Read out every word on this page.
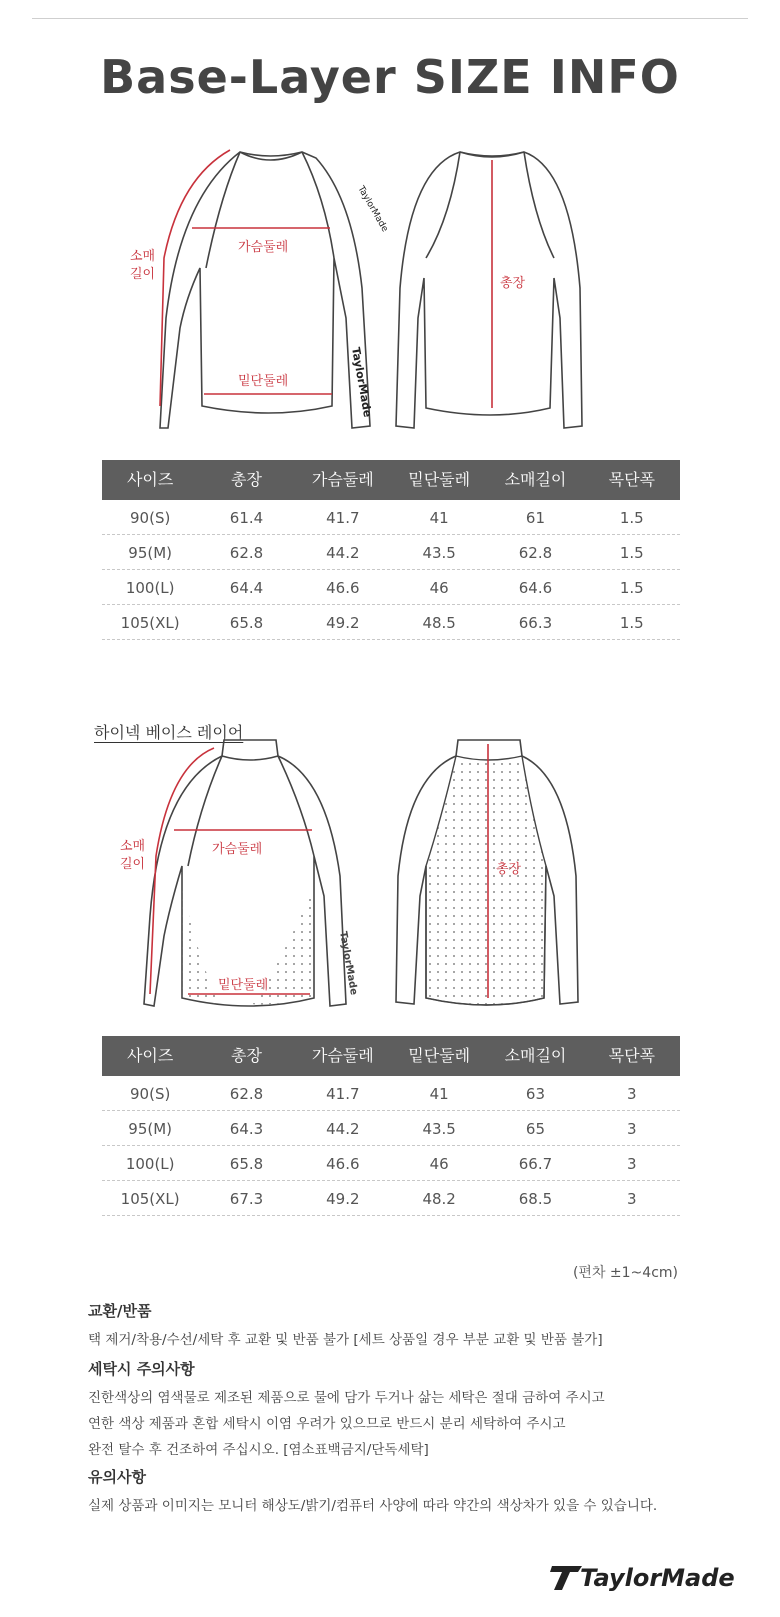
Base-Layer SIZE INFO
TaylorMade
TaylorMade
소매
길이
가슴둘레
밑단둘레
총장
사이즈	총장	가슴둘레	밑단둘레	소매길이	목단폭
90(S)	61.4	41.7	41	61	1.5
95(M)	62.8	44.2	43.5	62.8	1.5
100(L)	64.4	46.6	46	64.6	1.5
105(XL)	65.8	49.2	48.5	66.3	1.5
하이넥 베이스 레이어
TaylorMade
소매
길이
가슴둘레
밑단둘레
총장
사이즈	총장	가슴둘레	밑단둘레	소매길이	목단폭
90(S)	62.8	41.7	41	63	3
95(M)	64.3	44.2	43.5	65	3
100(L)	65.8	46.6	46	66.7	3
105(XL)	67.3	49.2	48.2	68.5	3
(편차 ±1~4cm)
교환/반품

택 제거/착용/수선/세탁 후 교환 및 반품 불가 [세트 상품일 경우 부분 교환 및 반품 불가]

세탁시 주의사항

진한색상의 염색물로 제조된 제품으로 물에 담가 두거나 삶는 세탁은 절대 금하여 주시고

연한 색상 제품과 혼합 세탁시 이염 우려가 있으므로 반드시 분리 세탁하여 주시고

완전 탈수 후 건조하여 주십시오. [염소표백금지/단독세탁]

유의사항

실제 상품과 이미지는 모니터 해상도/밝기/컴퓨터 사양에 따라 약간의 색상차가 있을 수 있습니다.

TaylorMade
